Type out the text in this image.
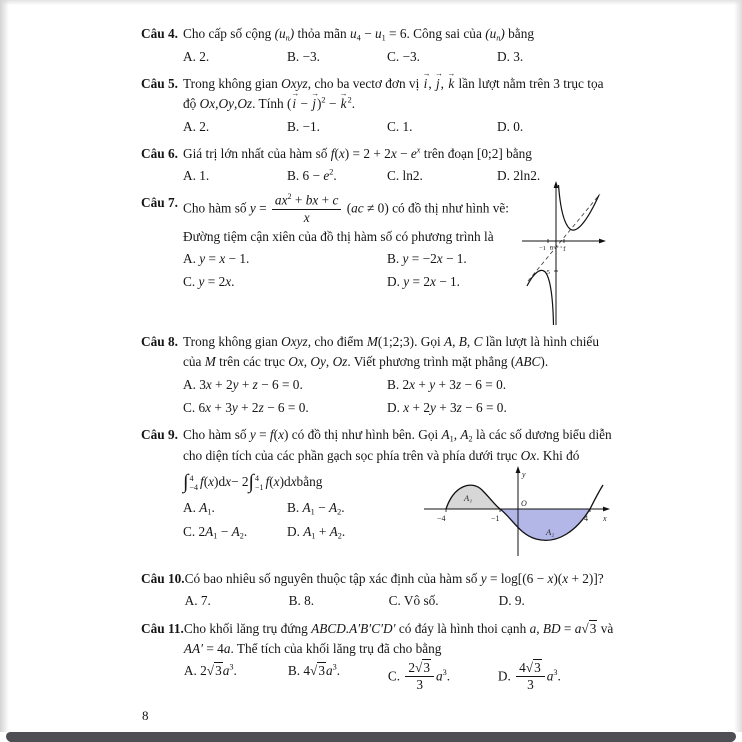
Câu 4. Cho cấp số cộng $(u_n)$ thỏa mãn $u_4 - u_1 = 6$. Công sai của $(u_n)$ bằng

A. 2.	B. −3.	C. −3.	D. 3.
Câu 5. Trong không gian Oxyz, cho ba vectơ đơn vị i →, j →, k → lần lượt nằm trên 3 trục tọa độ Ox,Oy,Oz. Tính (i → − j →)$^2$ − k →$^2$.

A. 2.	B. −1.	C. 1.	D. 0.
Câu 6. Giá trị lớn nhất của hàm số $f(x) = 2 + 2x - e^x$ trên đoạn [0;2] bằng

A. 1.	B. $6 - e^2$.	C. ln2.	D. 2ln2.
Câu 7. Cho hàm số $y = \frac{ax^2 + bx + c}{x} (ac \ne 0)$ có đồ thị như hình vẽ:

Đường tiệm cận xiên của đồ thị hàm số có phương trình là

A. y = x − 1.	B. y = −2x − 1.
C. y = 2x.	D. y = 2x − 1.
−1 0 1
−5
Câu 8. Trong không gian Oxyz, cho điểm M(1;2;3). Gọi A, B, C lần lượt là hình chiếu của M trên các trục Ox, Oy, Oz. Viết phương trình mặt phẳng (ABC).

A. 3x + 2y + z − 6 = 0.	B. 2x + y + 3z − 6 = 0.
C. 6x + 3y + 2z − 6 = 0.	D. x + 2y + 3z − 6 = 0.
Câu 9. Cho hàm số y = f(x) có đồ thị như hình bên. Gọi $A_1$, $A_2$ là các số dương biểu diễn cho diện tích của các phần gạch sọc phía trên và phía dưới trục Ox. Khi đó

∫ 4
−4 f ( x )d x − 2 ∫ 4
−1 f ( x )d x bằng

A. $A_1$.	B. $A_1 - A_2$.
C. $2A_1 - A_2$.	D. $A_1 + A_2$.
y
O
x
−4	−1	4
A₁
A₂
Câu 10. Có bao nhiêu số nguyên thuộc tập xác định của hàm số y = log[(6 − x)(x + 2)]?

A. 7.	B. 8.	C. Vô số.	D. 9.
Câu 11. Cho khối lăng trụ đứng ABCD.A′B′C′D′ có đáy là hình thoi cạnh a, BD = a√3 và AA′ = 4a. Thể tích của khối lăng trụ đã cho bằng

A. $2√3a^3$.	B. $4√3a^3$.	C. $\frac{2√3}{3} a^3$.	D. $\frac{4√3}{3} a^3$.
8
